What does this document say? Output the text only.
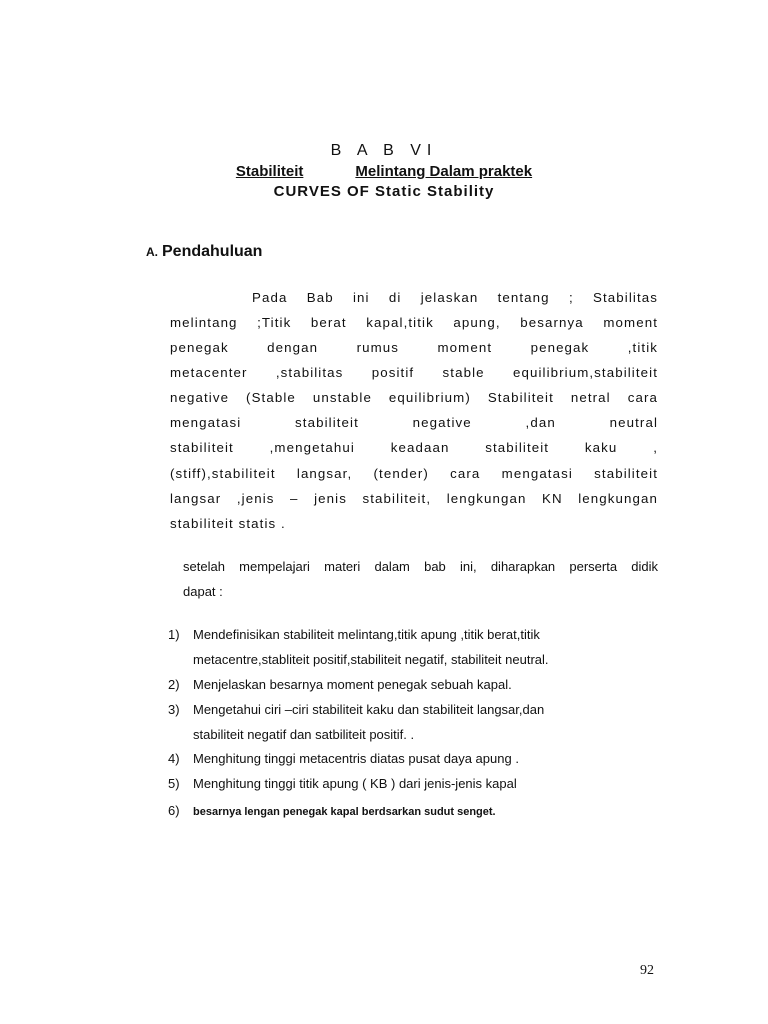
B A B VI
Stabiliteit	Melintang Dalam praktek
CURVES OF Static Stability
A. Pendahuluan
Pada Bab ini di jelaskan tentang ; Stabilitas
melintang ;Titik berat kapal,titik apung, besarnya moment
penegak dengan rumus moment penegak ,titik
metacenter ,stabilitas positif stable equilibrium,stabiliteit
negative (Stable unstable equilibrium) Stabiliteit netral cara
mengatasi stabiliteit negative ,dan neutral
stabiliteit ,mengetahui keadaan stabiliteit kaku ,
(stiff),stabiliteit langsar, (tender) cara mengatasi stabiliteit
langsar ,jenis – jenis stabiliteit, lengkungan KN lengkungan
stabiliteit statis .
setelah mempelajari materi dalam bab ini, diharapkan perserta didik
dapat :
1) Mendefinisikan stabiliteit melintang,titik apung ,titik berat,titik
metacentre,stabliteit positif,stabiliteit negatif, stabiliteit neutral.
2) Menjelaskan besarnya moment penegak sebuah kapal.
3) Mengetahui ciri –ciri stabiliteit kaku dan stabiliteit langsar,dan
stabiliteit negatif dan satbiliteit positif. .
4) Menghitung tinggi metacentris diatas pusat daya apung .
5) Menghitung tinggi titik apung ( KB ) dari jenis-jenis kapal
6) besarnya lengan penegak kapal berdsarkan sudut senget.
92
